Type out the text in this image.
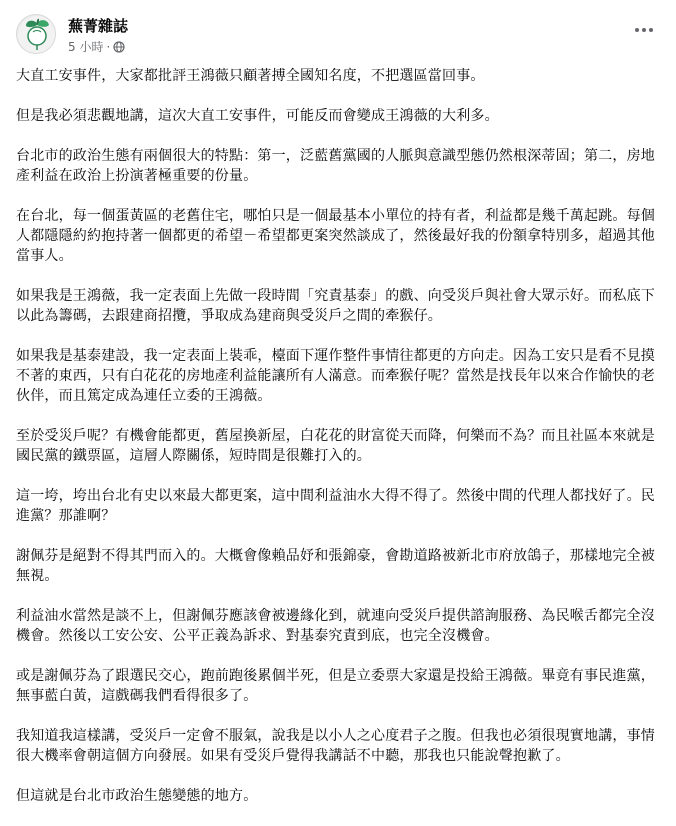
蕪菁雜誌
5 小時 ·

大直工安事件，大家都批評王鴻薇只顧著搏全國知名度，不把選區當回事。

但是我必須悲觀地講，這次大直工安事件，可能反而會變成王鴻薇的大利多。

台北市的政治生態有兩個很大的特點：第一，泛藍舊黨國的人脈與意識型態仍然根深蒂固；第二，房地產利益在政治上扮演著極重要的份量。

在台北，每一個蛋黃區的老舊住宅，哪怕只是一個最基本小單位的持有者，利益都是幾千萬起跳。每個人都隱隱約約抱持著一個都更的希望－希望都更案突然談成了，然後最好我的份額拿特別多，超過其他當事人。

如果我是王鴻薇，我一定表面上先做一段時間「究責基泰」的戲、向受災戶與社會大眾示好。而私底下以此為籌碼，去跟建商招攬，爭取成為建商與受災戶之間的牽猴仔。

如果我是基泰建設，我一定表面上裝乖，檯面下運作整件事情往都更的方向走。因為工安只是看不見摸不著的東西，只有白花花的房地產利益能讓所有人滿意。而牽猴仔呢？當然是找長年以來合作愉快的老伙伴，而且篤定成為連任立委的王鴻薇。

至於受災戶呢？有機會能都更，舊屋換新屋，白花花的財富從天而降，何樂而不為？而且社區本來就是國民黨的鐵票區，這層人際關係，短時間是很難打入的。

這一垮，垮出台北有史以來最大都更案，這中間利益油水大得不得了。然後中間的代理人都找好了。民進黨？那誰啊？

謝佩芬是絕對不得其門而入的。大概會像賴品妤和張錦豪，會勘道路被新北市府放鴿子，那樣地完全被無視。

利益油水當然是談不上，但謝佩芬應該會被邊緣化到，就連向受災戶提供諮詢服務、為民喉舌都完全沒機會。然後以工安公安、公平正義為訴求、對基泰究責到底，也完全沒機會。

或是謝佩芬為了跟選民交心，跑前跑後累個半死，但是立委票大家還是投給王鴻薇。畢竟有事民進黨，無事藍白黃，這戲碼我們看得很多了。

我知道我這樣講，受災戶一定會不服氣，說我是以小人之心度君子之腹。但我也必須很現實地講，事情很大機率會朝這個方向發展。如果有受災戶覺得我講話不中聽，那我也只能說聲抱歉了。

但這就是台北市政治生態變態的地方。
